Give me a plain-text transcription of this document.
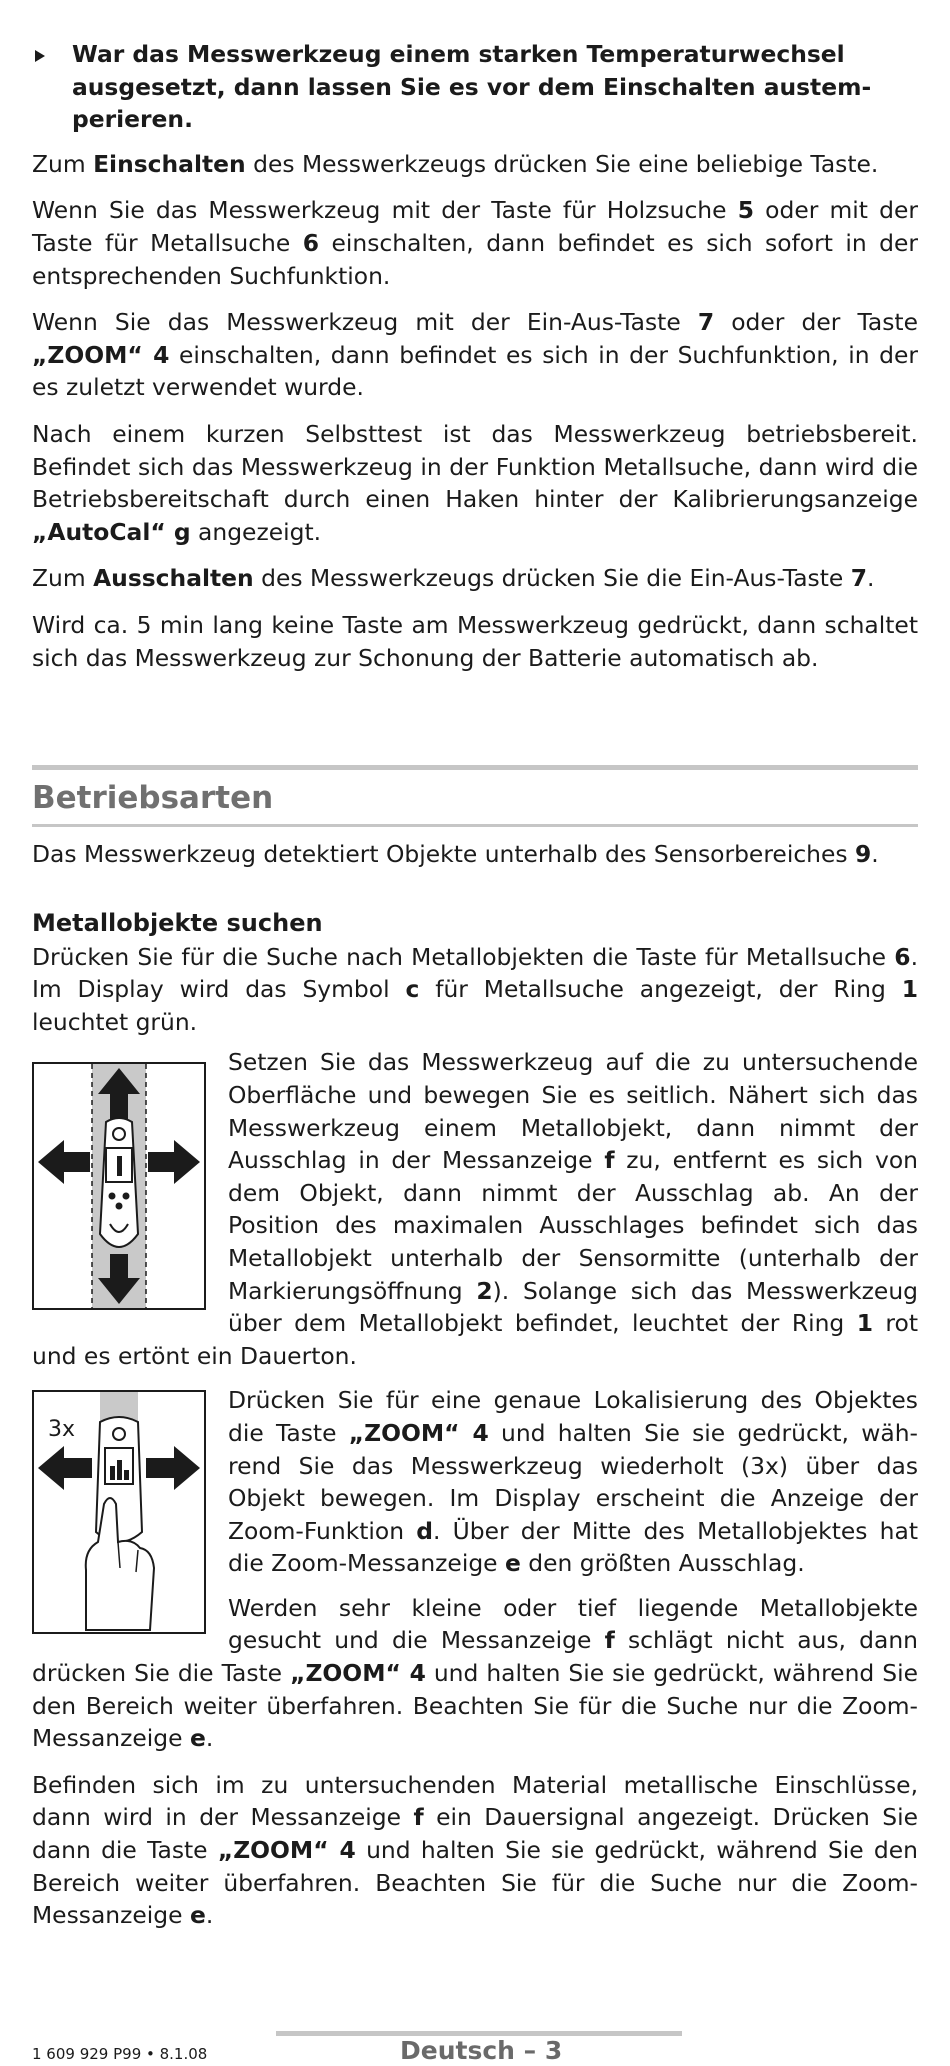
War das Messwerkzeug einem starken Temperaturwechsel ausgesetzt, dann lassen Sie es vor dem Einschalten austemperieren.

Zum Einschalten des Messwerkzeugs drücken Sie eine beliebige Taste.

Wenn Sie das Messwerkzeug mit der Taste für Holzsuche 5 oder mit der Taste für Metallsuche 6 einschalten, dann befindet es sich sofort in der entsprechenden Suchfunktion.

Wenn Sie das Messwerkzeug mit der Ein-Aus-Taste 7 oder der Taste „ZOOM“ 4 einschalten, dann befindet es sich in der Suchfunktion, in der es zuletzt verwendet wurde.

Nach einem kurzen Selbsttest ist das Messwerkzeug betriebsbereit. Befindet sich das Messwerkzeug in der Funktion Metallsuche, dann wird die Betriebsbereitschaft durch einen Haken hinter der Kalibrierungsanzeige „AutoCal“ g angezeigt.

Zum Ausschalten des Messwerkzeugs drücken Sie die Ein-Aus-Taste 7.

Wird ca. 5 min lang keine Taste am Messwerkzeug gedrückt, dann schaltet sich das Messwerkzeug zur Schonung der Batterie automatisch ab.

Betriebsarten

Das Messwerkzeug detektiert Objekte unterhalb des Sensorbereiches 9.

Metallobjekte suchen

Drücken Sie für die Suche nach Metallobjekten die Taste für Metallsuche 6. Im Display wird das Symbol c für Metallsuche angezeigt, der Ring 1 leuchtet grün.

Setzen Sie das Messwerkzeug auf die zu untersuchende Oberfläche und bewegen Sie es seitlich. Nähert sich das Messwerkzeug einem Metallobjekt, dann nimmt der Ausschlag in der Messanzeige f zu, entfernt es sich von dem Objekt, dann nimmt der Ausschlag ab. An der Position des maximalen Ausschlages befindet sich das Metallobjekt unterhalb der Sensormitte (unterhalb der Markierungsöffnung 2). Solange sich das Messwerkzeug über dem Metallobjekt befindet, leuchtet der Ring 1 rot und es ertönt ein Dauerton.

3x

Drücken Sie für eine genaue Lokalisierung des Objektes die Taste „ZOOM“ 4 und halten Sie sie gedrückt, während Sie das Messwerkzeug wiederholt (3x) über das Objekt bewegen. Im Display erscheint die Anzeige der Zoom-Funktion d. Über der Mitte des Metallobjektes hat die Zoom-Messanzeige e den größten Ausschlag.

Werden sehr kleine oder tief liegende Metallobjekte gesucht und die Messanzeige f schlägt nicht aus, dann drücken Sie die Taste „ZOOM“ 4 und halten Sie sie gedrückt, während Sie den Bereich weiter überfahren. Beachten Sie für die Suche nur die Zoom-Messanzeige e.

Befinden sich im zu untersuchenden Material metallische Einschlüsse, dann wird in der Messanzeige f ein Dauersignal angezeigt. Drücken Sie dann die Taste „ZOOM“ 4 und halten Sie sie gedrückt, während Sie den Bereich weiter überfahren. Beachten Sie für die Suche nur die Zoom-Messanzeige e.

1 609 929 P99 • 8.1.08	Deutsch – 3
